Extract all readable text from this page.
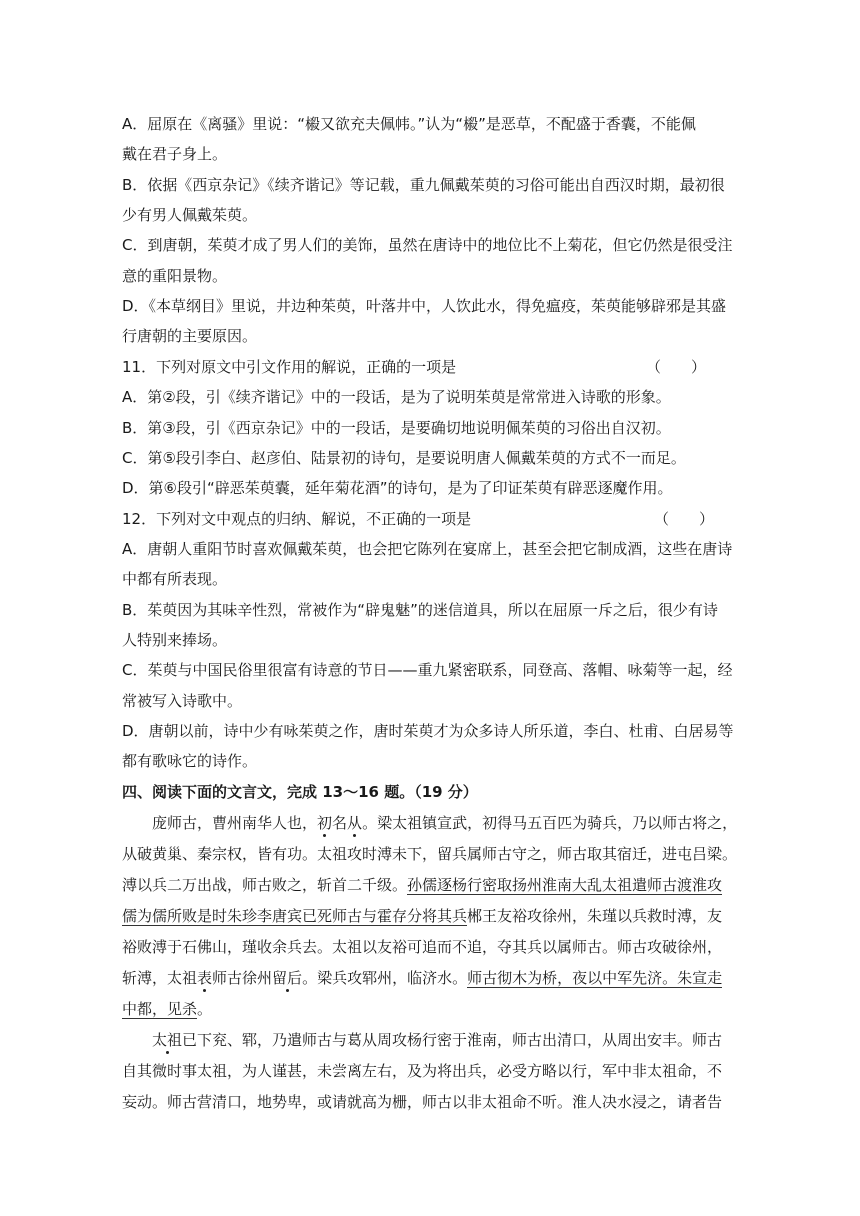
A．屈原在《离骚》里说：“榝又欲充夫佩帏。”认为“榝”是恶草，不配盛于香囊，不能佩
戴在君子身上。
B．依据《西京杂记》《续齐谐记》等记载，重九佩戴茱萸的习俗可能出自西汉时期，最初很
少有男人佩戴茱萸。
C．到唐朝，茱萸才成了男人们的美饰，虽然在唐诗中的地位比不上菊花，但它仍然是很受注
意的重阳景物。
D．《本草纲目》里说，井边种茱萸，叶落井中，人饮此水，得免瘟疫，茱萸能够辟邪是其盛
行唐朝的主要原因。
11．下列对原文中引文作用的解说，正确的一项是	（　　）
A．第②段，引《续齐谐记》中的一段话，是为了说明茱萸是常常进入诗歌的形象。
B．第③段，引《西京杂记》中的一段话，是要确切地说明佩茱萸的习俗出自汉初。
C．第⑤段引李白、赵彦伯、陆景初的诗句，是要说明唐人佩戴茱萸的方式不一而足。
D．第⑥段引“辟恶茱萸囊，延年菊花酒”的诗句，是为了印证茱萸有辟恶逐魔作用。
12．下列对文中观点的归纳、解说，不正确的一项是	（　　）
A．唐朝人重阳节时喜欢佩戴茱萸，也会把它陈列在宴席上，甚至会把它制成酒，这些在唐诗
中都有所表现。
B．茱萸因为其味辛性烈，常被作为“辟鬼魅”的迷信道具，所以在屈原一斥之后，很少有诗
人特别来捧场。
C．茱萸与中国民俗里很富有诗意的节日——重九紧密联系，同登高、落帽、咏菊等一起，经
常被写入诗歌中。
D．唐朝以前，诗中少有咏茱萸之作，唐时茱萸才为众多诗人所乐道，李白、杜甫、白居易等
都有歌咏它的诗作。
四、阅读下面的文言文，完成 13～16 题。（19 分）
　　庞师古，曹州南华人也，初名从。梁太祖镇宣武，初得马五百匹为骑兵，乃以师古将之，
从破黄巢、秦宗权，皆有功。太祖攻时溥未下，留兵属师古守之，师古取其宿迁，进屯吕梁。
溥以兵二万出战，师古败之，斩首二千级。孙儒逐杨行密取扬州淮南大乱太祖遣师古渡淮攻
儒为儒所败是时朱珍李唐宾已死师古与霍存分将其兵郴王友裕攻徐州，朱瑾以兵救时溥，友
裕败溥于石佛山，瑾收余兵去。太祖以友裕可追而不追，夺其兵以属师古。师古攻破徐州，
斩溥，太祖表师古徐州留后。梁兵攻郓州，临济水。师古彻木为桥，夜以中军先济。朱宣走
中都，见杀。
　　太祖已下兖、郓，乃遣师古与葛从周攻杨行密于淮南，师古出清口，从周出安丰。师古
自其微时事太祖，为人谨甚，未尝离左右，及为将出兵，必受方略以行，军中非太祖命，不
妄动。师古营清口，地势卑，或请就高为栅，师古以非太祖命不听。淮人决水浸之，请者告
